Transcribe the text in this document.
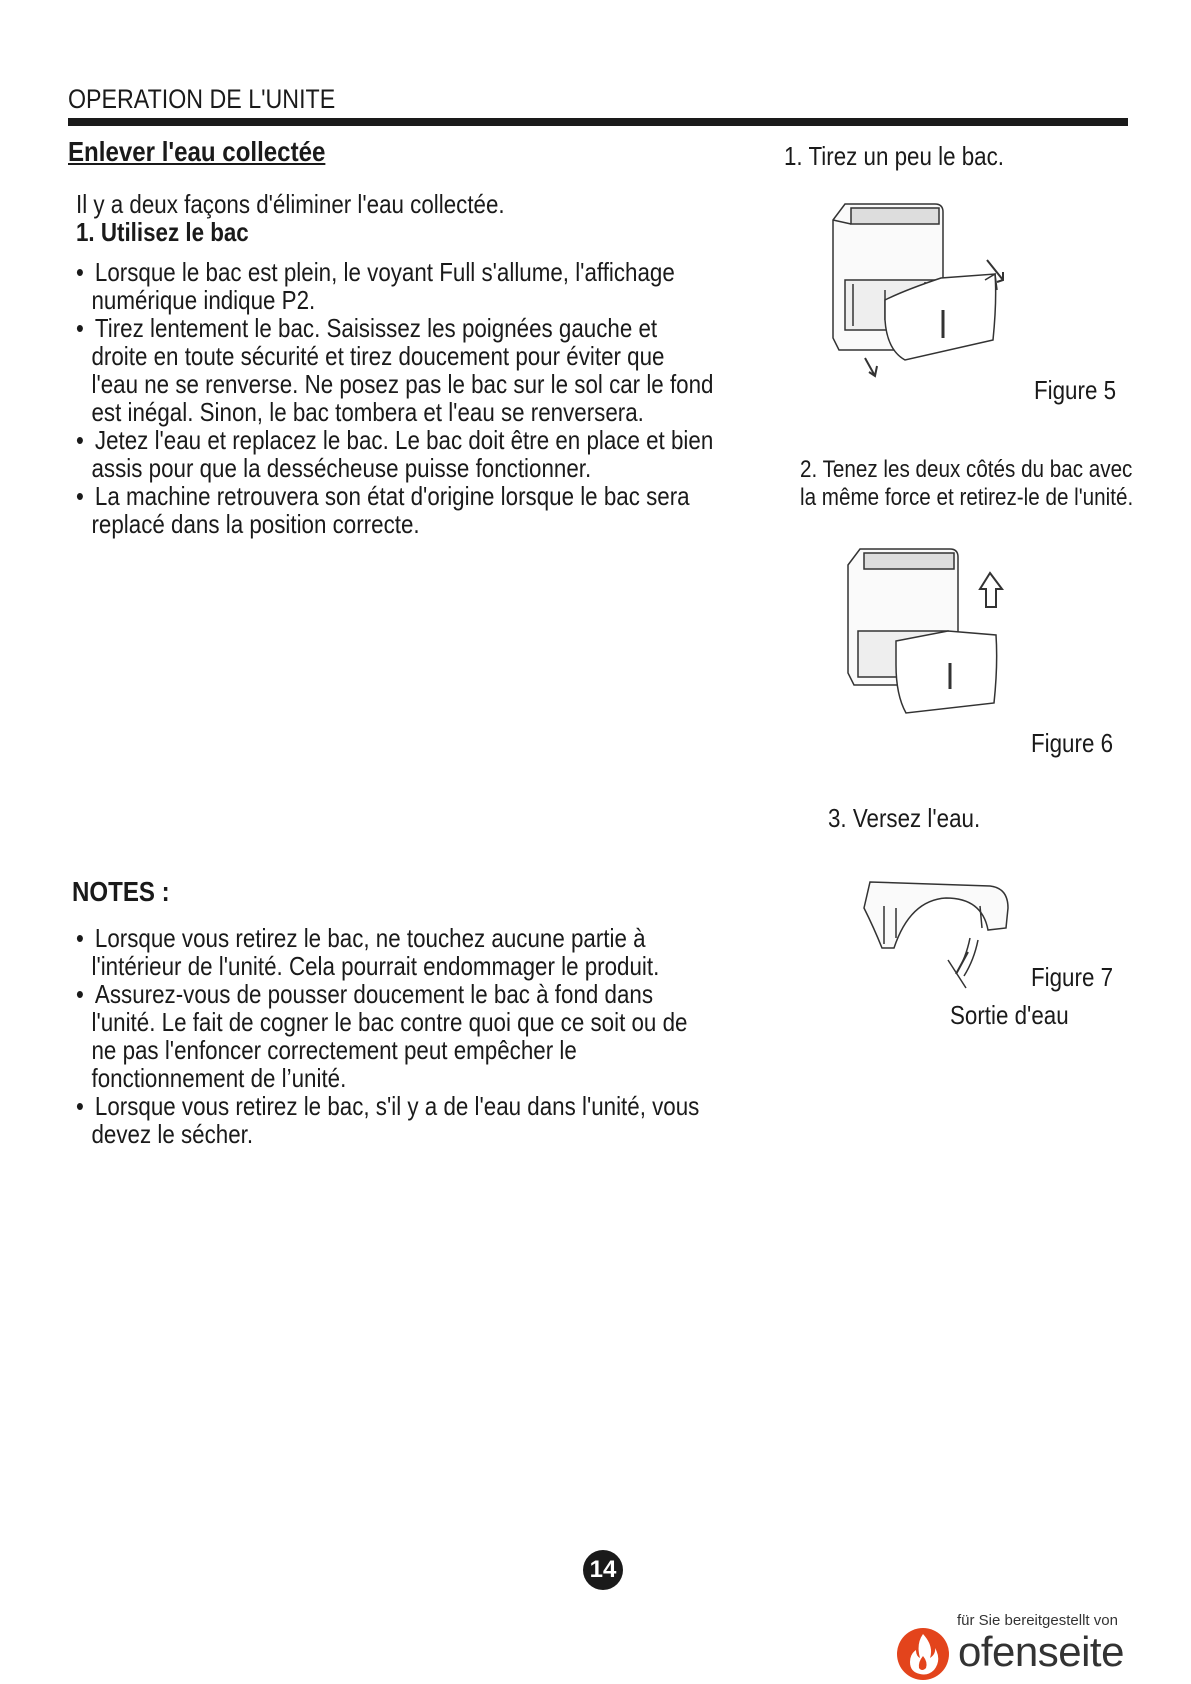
OPERATION DE L'UNITE
Enlever l'eau collectée
Il y a deux façons d'éliminer l'eau collectée.
1. Utilisez le bac
• Lorsque le bac est plein, le voyant Full s'allume, l'affichage
numérique indique P2.
• Tirez lentement le bac. Saisissez les poignées gauche et
droite en toute sécurité et tirez doucement pour éviter que
l'eau ne se renverse. Ne posez pas le bac sur le sol car le fond
est inégal. Sinon, le bac tombera et l'eau se renversera.
• Jetez l'eau et replacez le bac. Le bac doit être en place et bien
assis pour que la dessécheuse puisse fonctionner.
• La machine retrouvera son état d'origine lorsque le bac sera
replacé dans la position correcte.
NOTES :
• Lorsque vous retirez le bac, ne touchez aucune partie à
l'intérieur de l'unité. Cela pourrait endommager le produit.
• Assurez-vous de pousser doucement le bac à fond dans
l'unité. Le fait de cogner le bac contre quoi que ce soit ou de
ne pas l'enfoncer correctement peut empêcher le
fonctionnement de l’unité.
• Lorsque vous retirez le bac, s'il y a de l'eau dans l'unité, vous
devez le sécher.
1. Tirez un peu le bac.
Figure 5
2. Tenez les deux côtés du bac avec
la même force et retirez-le de l'unité.
Figure 6
3. Versez l'eau.
Figure 7
Sortie d'eau
14
für Sie bereitgestellt von
ofenseite
